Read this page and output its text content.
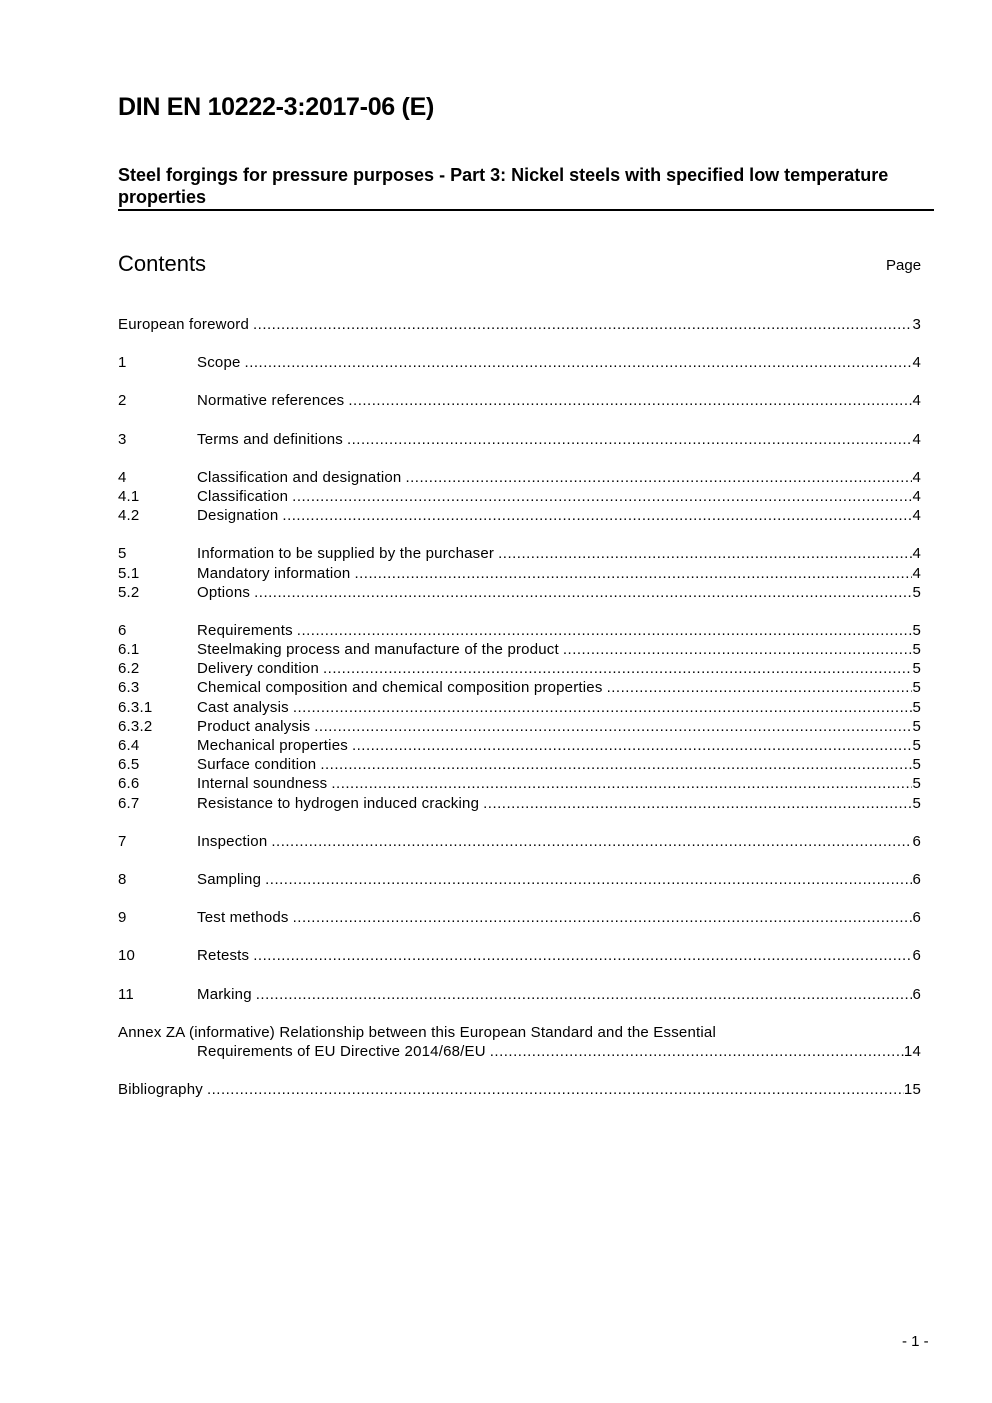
DIN EN 10222-3:2017-06 (E)
Steel forgings for pressure purposes - Part 3: Nickel steels with specified low temperature properties
Contents	Page
European foreword .....	3
1	Scope .....	4
2	Normative references .....	4
3	Terms and definitions .....	4
4	Classification and designation .....	4
4.1	Classification .....	4
4.2	Designation .....	4
5	Information to be supplied by the purchaser .....	4
5.1	Mandatory information .....	4
5.2	Options .....	5
6	Requirements .....	5
6.1	Steelmaking process and manufacture of the product .....	5
6.2	Delivery condition .....	5
6.3	Chemical composition and chemical composition properties .....	5
6.3.1	Cast analysis .....	5
6.3.2	Product analysis .....	5
6.4	Mechanical properties .....	5
6.5	Surface condition .....	5
6.6	Internal soundness .....	5
6.7	Resistance to hydrogen induced cracking .....	5
7	Inspection .....	6
8	Sampling .....	6
9	Test methods .....	6
10	Retests .....	6
11	Marking .....	6
Annex ZA (informative) Relationship between this European Standard and the Essential
Requirements of EU Directive 2014/68/EU .....	14
Bibliography .....	15
- 1 -
